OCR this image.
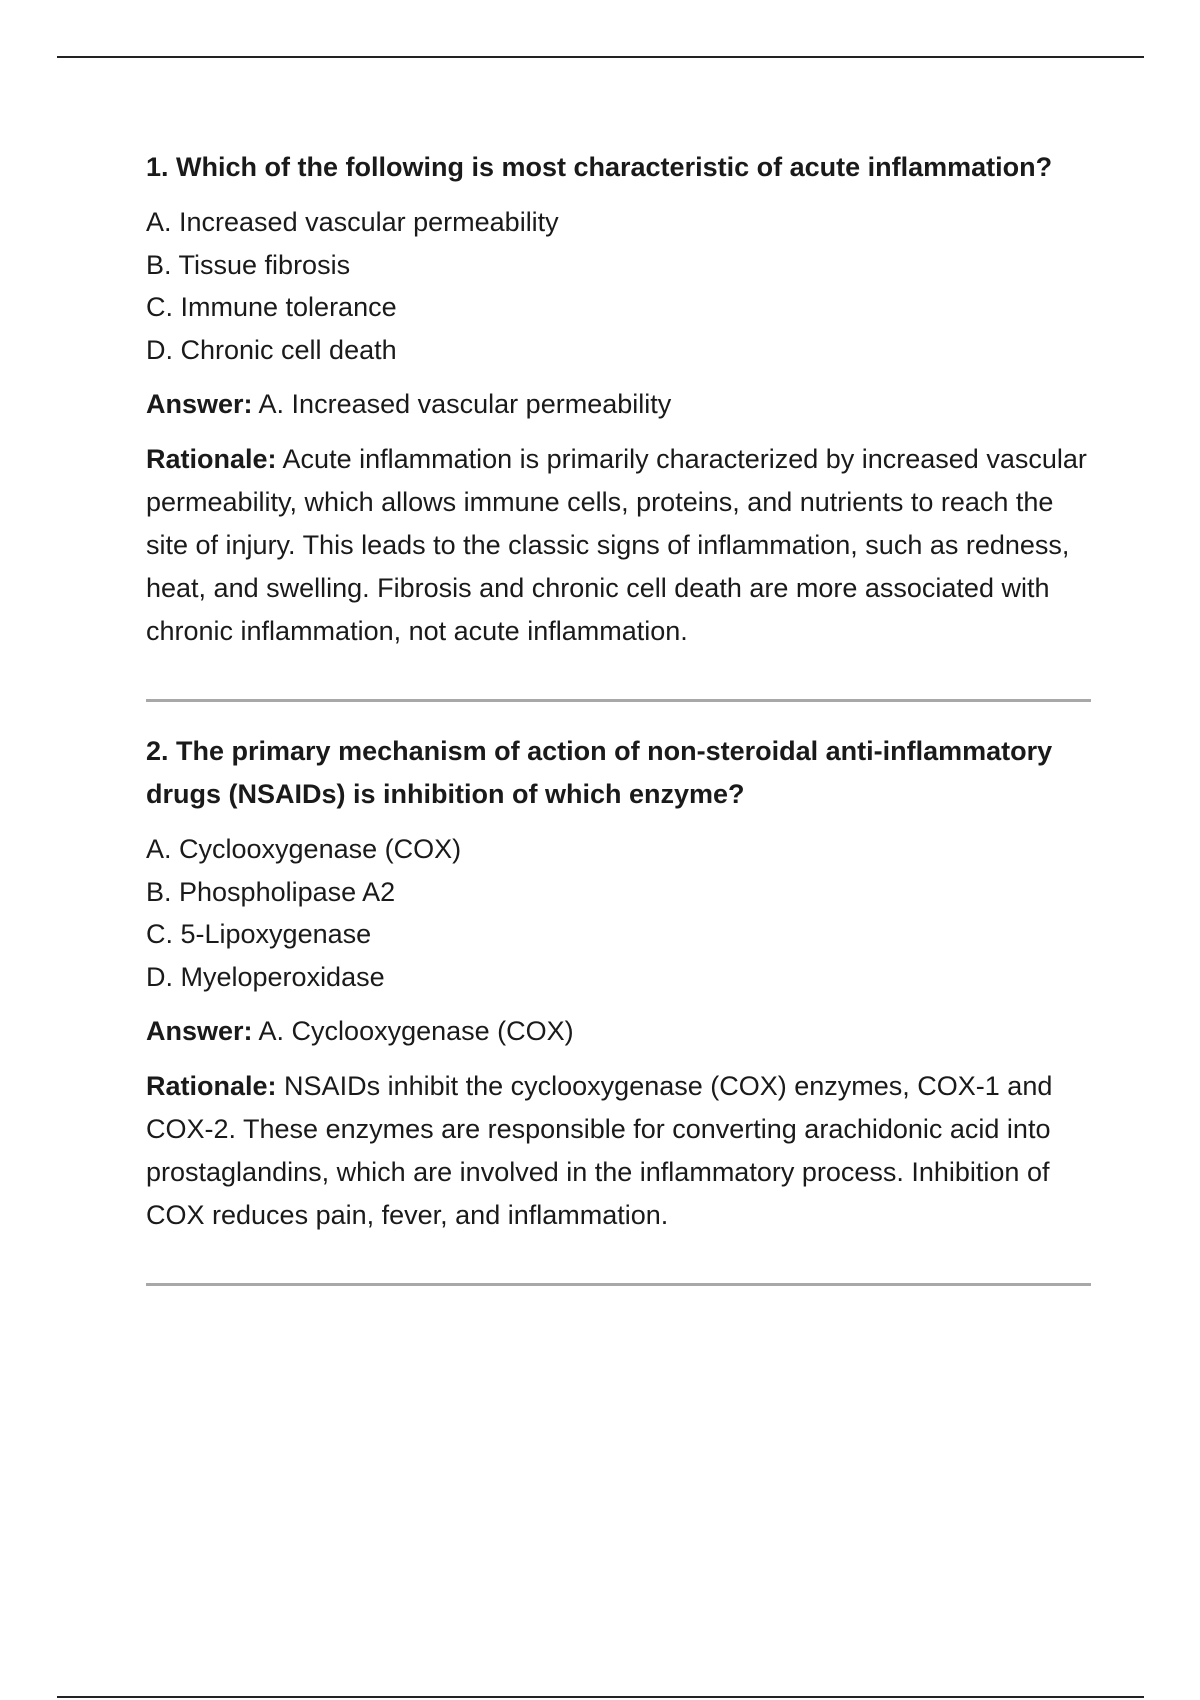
1. Which of the following is most characteristic of acute inflammation?

A. Increased vascular permeability
B. Tissue fibrosis
C. Immune tolerance
D. Chronic cell death

Answer: A. Increased vascular permeability

Rationale: Acute inflammation is primarily characterized by increased vascular permeability, which allows immune cells, proteins, and nutrients to reach the site of injury. This leads to the classic signs of inflammation, such as redness, heat, and swelling. Fibrosis and chronic cell death are more associated with chronic inflammation, not acute inflammation.

2. The primary mechanism of action of non-steroidal anti-inflammatory drugs (NSAIDs) is inhibition of which enzyme?

A. Cyclooxygenase (COX)
B. Phospholipase A2
C. 5-Lipoxygenase
D. Myeloperoxidase

Answer: A. Cyclooxygenase (COX)

Rationale: NSAIDs inhibit the cyclooxygenase (COX) enzymes, COX-1 and COX-2. These enzymes are responsible for converting arachidonic acid into prostaglandins, which are involved in the inflammatory process. Inhibition of COX reduces pain, fever, and inflammation.
